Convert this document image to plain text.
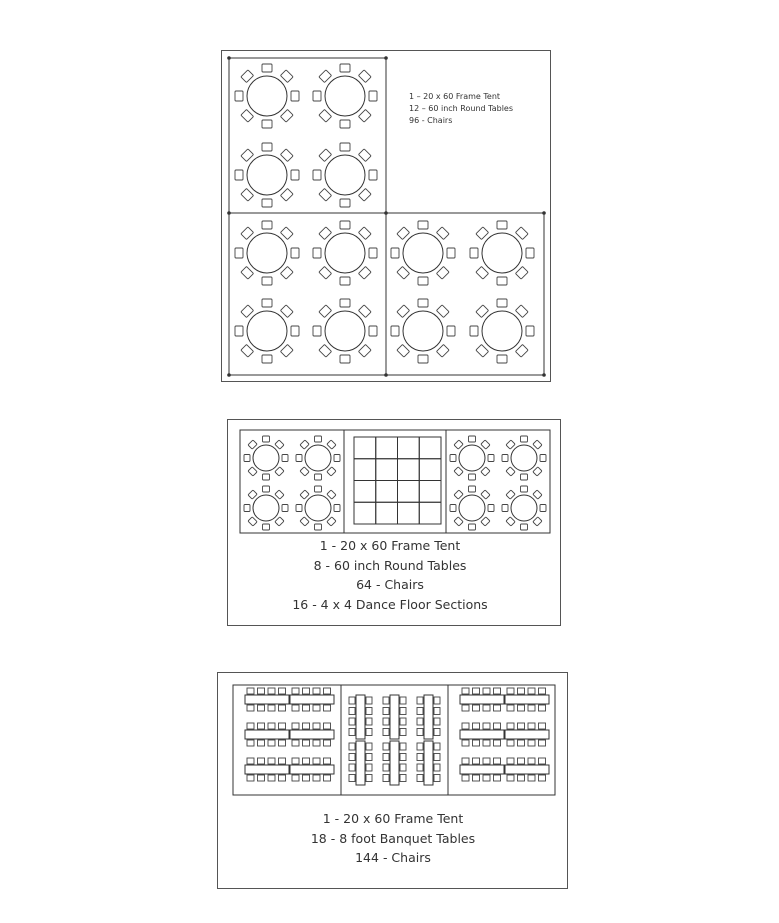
1 – 20 x 60 Frame Tent
12 – 60 inch Round Tables
96 - Chairs
1 - 20 x 60 Frame Tent
8 - 60 inch Round Tables
64 - Chairs
16 - 4 x 4 Dance Floor Sections
1 - 20 x 60 Frame Tent
18 - 8 foot Banquet Tables
144 - Chairs
